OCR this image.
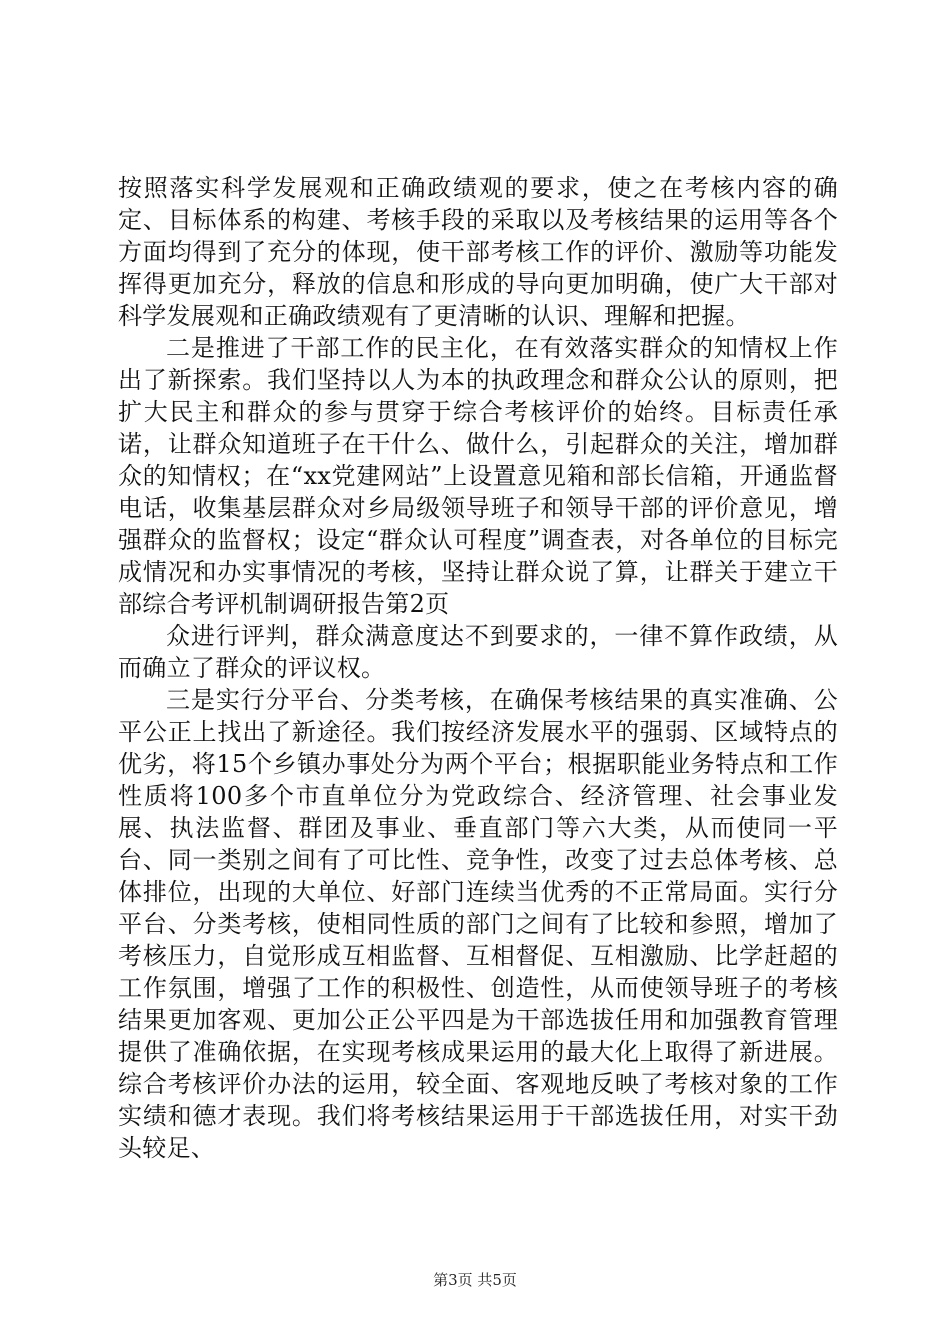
按照落实科学发展观和正确政绩观的要求，使之在考核内容的确定、目标体系的构建、考核手段的采取以及考核结果的运用等各个方面均得到了充分的体现，使干部考核工作的评价、激励等功能发挥得更加充分，释放的信息和形成的导向更加明确，使广大干部对科学发展观和正确政绩观有了更清晰的认识、理解和把握。

二是推进了干部工作的民主化，在有效落实群众的知情权上作出了新探索。我们坚持以人为本的执政理念和群众公认的原则，把扩大民主和群众的参与贯穿于综合考核评价的始终。目标责任承诺，让群众知道班子在干什么、做什么，引起群众的关注，增加群众的知情权；在“xx党建网站”上设置意见箱和部长信箱，开通监督电话，收集基层群众对乡局级领导班子和领导干部的评价意见，增强群众的监督权；设定“群众认可程度”调查表，对各单位的目标完成情况和办实事情况的考核，坚持让群众说了算，让群关于建立干部综合考评机制调研报告第2页

众进行评判，群众满意度达不到要求的，一律不算作政绩，从而确立了群众的评议权。

三是实行分平台、分类考核，在确保考核结果的真实准确、公平公正上找出了新途径。我们按经济发展水平的强弱、区域特点的优劣，将15个乡镇办事处分为两个平台；根据职能业务特点和工作性质将100多个市直单位分为党政综合、经济管理、社会事业发展、执法监督、群团及事业、垂直部门等六大类，从而使同一平台、同一类别之间有了可比性、竞争性，改变了过去总体考核、总体排位，出现的大单位、好部门连续当优秀的不正常局面。实行分平台、分类考核，使相同性质的部门之间有了比较和参照，增加了考核压力，自觉形成互相监督、互相督促、互相激励、比学赶超的工作氛围，增强了工作的积极性、创造性，从而使领导班子的考核结果更加客观、更加公正公平四是为干部选拔任用和加强教育管理提供了准确依据，在实现考核成果运用的最大化上取得了新进展。综合考核评价办法的运用，较全面、客观地反映了考核对象的工作实绩和德才表现。我们将考核结果运用于干部选拔任用，对实干劲头较足、

第3页 共5页
